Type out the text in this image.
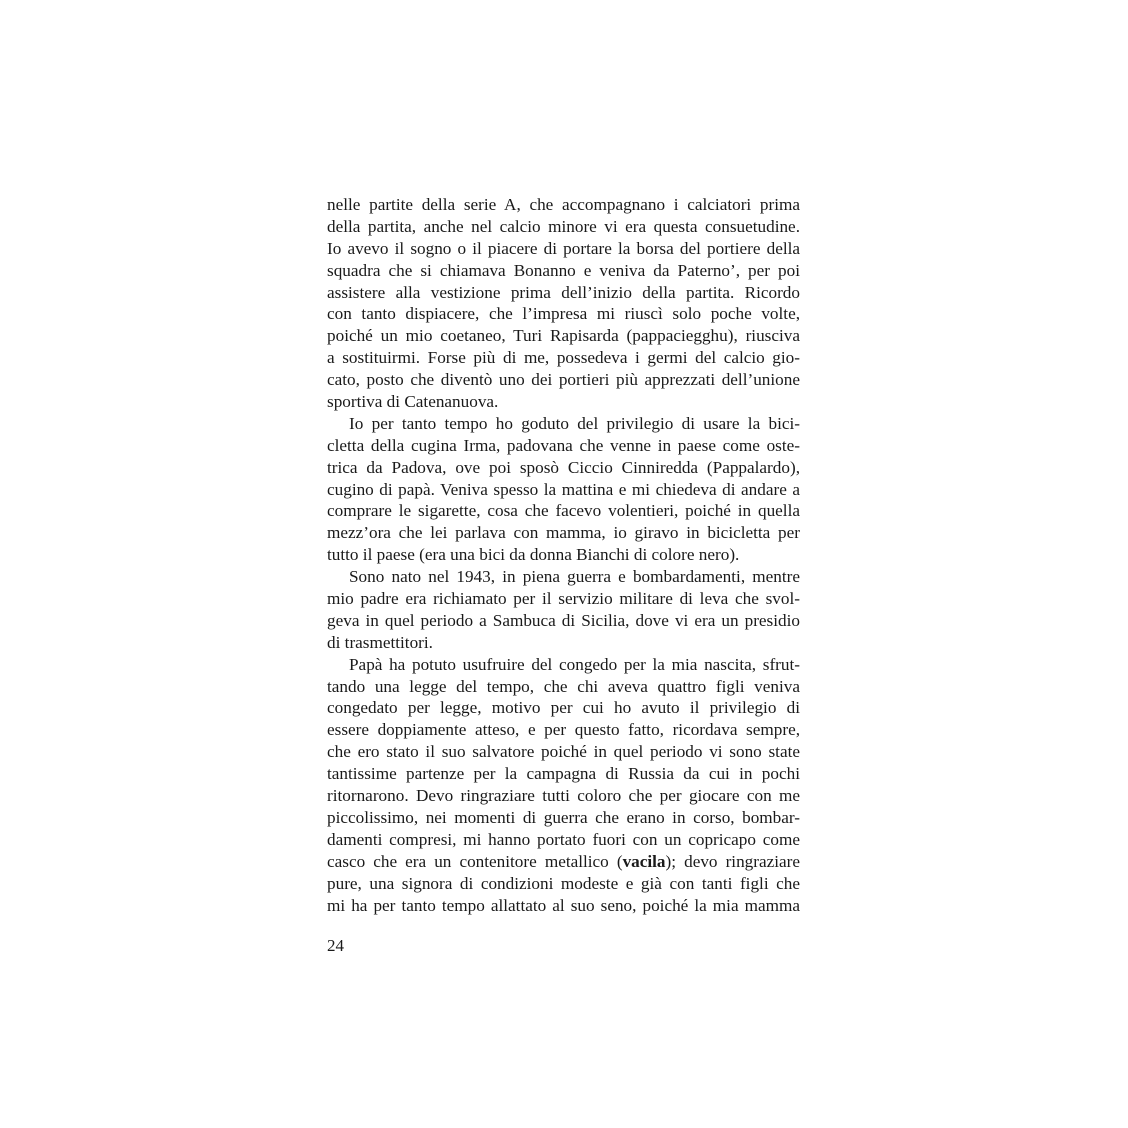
nelle partite della serie A, che accompagnano i calciatori prima
della partita, anche nel calcio minore vi era questa consuetudine.
Io avevo il sogno o il piacere di portare la borsa del portiere della
squadra che si chiamava Bonanno e veniva da Paterno’, per poi
assistere alla vestizione prima dell’inizio della partita. Ricordo
con tanto dispiacere, che l’impresa mi riuscì solo poche volte,
poiché un mio coetaneo, Turi Rapisarda (pappaciegghu), riusciva
a sostituirmi. Forse più di me, possedeva i germi del calcio gio-
cato, posto che diventò uno dei portieri più apprezzati dell’unione
sportiva di Catenanuova.
Io per tanto tempo ho goduto del privilegio di usare la bici-
cletta della cugina Irma, padovana che venne in paese come oste-
trica da Padova, ove poi sposò Ciccio Cinniredda (Pappalardo),
cugino di papà. Veniva spesso la mattina e mi chiedeva di andare a
comprare le sigarette, cosa che facevo volentieri, poiché in quella
mezz’ora che lei parlava con mamma, io giravo in bicicletta per
tutto il paese (era una bici da donna Bianchi di colore nero).
Sono nato nel 1943, in piena guerra e bombardamenti, mentre
mio padre era richiamato per il servizio militare di leva che svol-
geva in quel periodo a Sambuca di Sicilia, dove vi era un presidio
di trasmettitori.
Papà ha potuto usufruire del congedo per la mia nascita, sfrut-
tando una legge del tempo, che chi aveva quattro figli veniva
congedato per legge, motivo per cui ho avuto il privilegio di
essere doppiamente atteso, e per questo fatto, ricordava sempre,
che ero stato il suo salvatore poiché in quel periodo vi sono state
tantissime partenze per la campagna di Russia da cui in pochi
ritornarono. Devo ringraziare tutti coloro che per giocare con me
piccolissimo, nei momenti di guerra che erano in corso, bombar-
damenti compresi, mi hanno portato fuori con un copricapo come
casco che era un contenitore metallico (vacila); devo ringraziare
pure, una signora di condizioni modeste e già con tanti figli che
mi ha per tanto tempo allattato al suo seno, poiché la mia mamma
24
